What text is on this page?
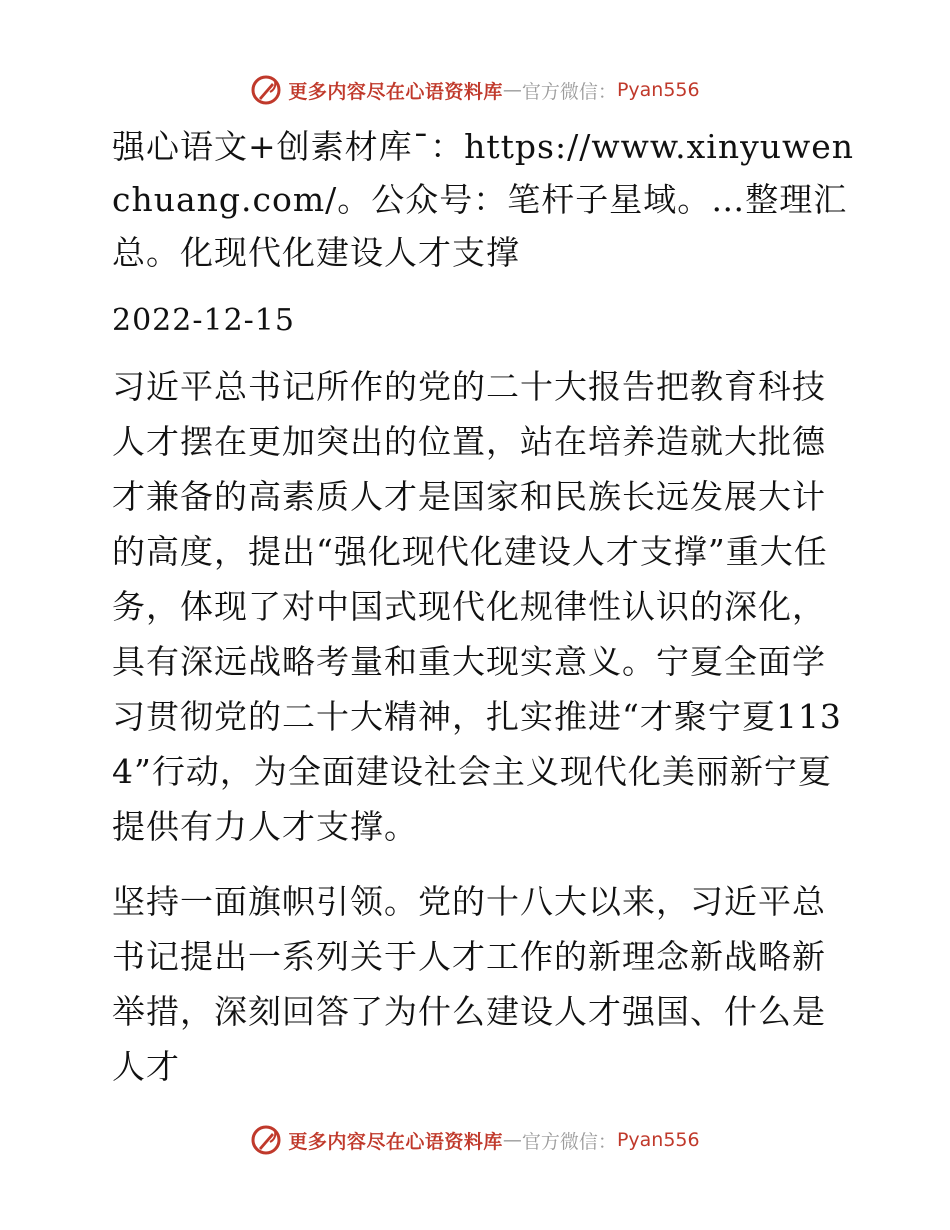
更多内容尽在心语资料库 — 官方微信： Pyan556

强心语文+创素材库¯：https://www.xinyuwenchuang.com/。公众号：笔杆子星域。…整理汇总。化现代化建设人才支撑

2022-12-15

习近平总书记所作的党的二十大报告把教育科技人才摆在更加突出的位置，站在培养造就大批德才兼备的高素质人才是国家和民族长远发展大计的高度，提出“强化现代化建设人才支撑”重大任务，体现了对中国式现代化规律性认识的深化，具有深远战略考量和重大现实意义。宁夏全面学习贯彻党的二十大精神，扎实推进“才聚宁夏1134”行动，为全面建设社会主义现代化美丽新宁夏提供有力人才支撑。

坚持一面旗帜引领。党的十八大以来，习近平总书记提出一系列关于人才工作的新理念新战略新举措，深刻回答了为什么建设人才强国、什么是人才

更多内容尽在心语资料库 — 官方微信： Pyan556
